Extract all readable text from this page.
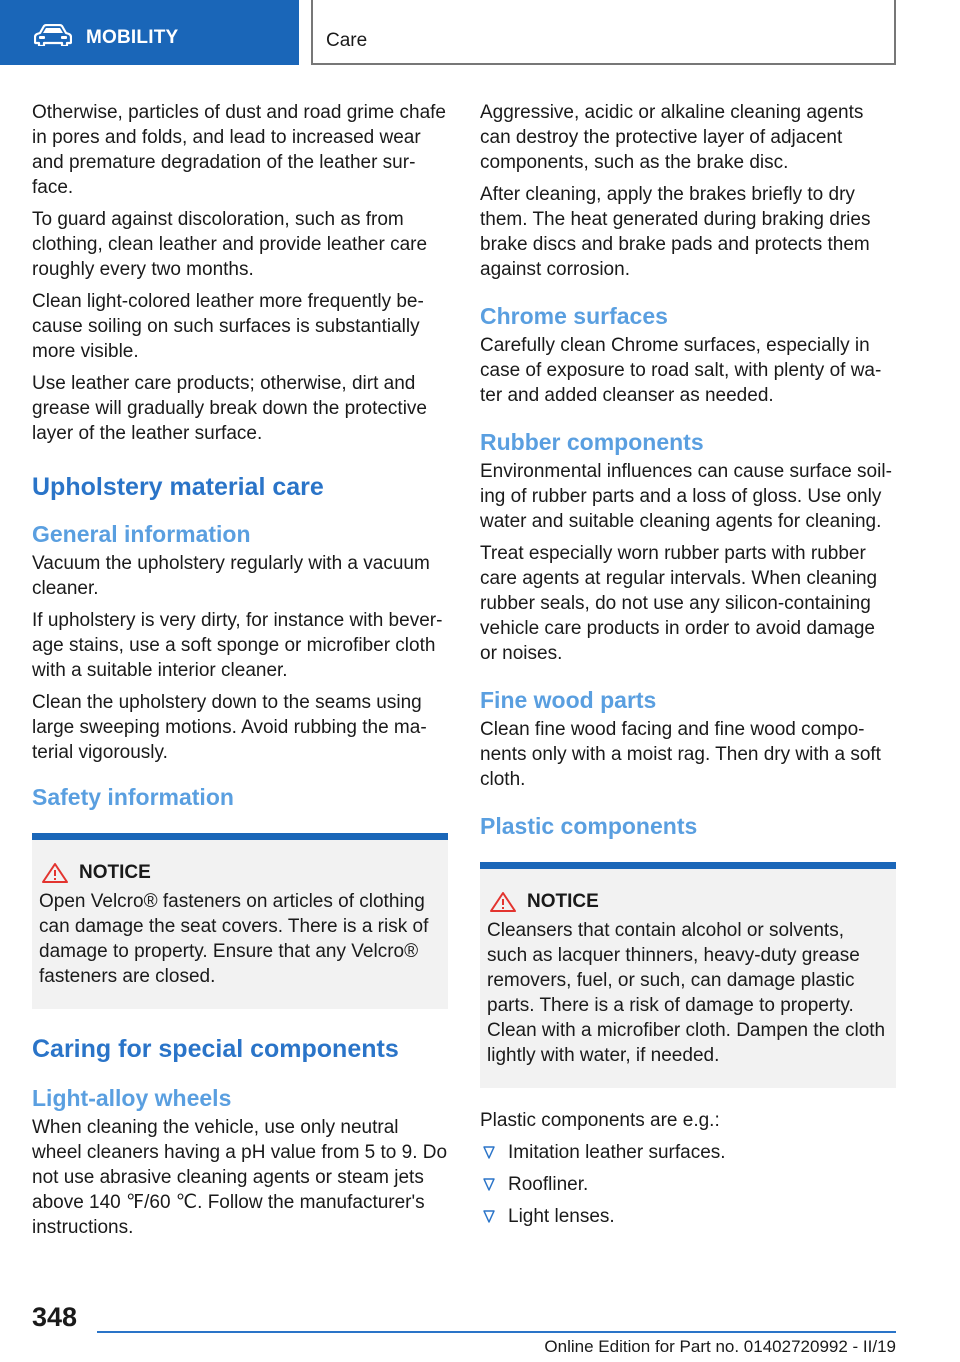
MOBILITY	Care

Otherwise, particles of dust and road grime chafe in pores and folds, and lead to increased wear and premature degradation of the leather surface.

To guard against discoloration, such as from clothing, clean leather and provide leather care roughly every two months.

Clean light-colored leather more frequently because soiling on such surfaces is substantially more visible.

Use leather care products; otherwise, dirt and grease will gradually break down the protective layer of the leather surface.

Upholstery material care
General information

Vacuum the upholstery regularly with a vacuum cleaner.

If upholstery is very dirty, for instance with beverage stains, use a soft sponge or microfiber cloth with a suitable interior cleaner.

Clean the upholstery down to the seams using large sweeping motions. Avoid rubbing the material vigorously.

Safety information
NOTICE

Open Velcro® fasteners on articles of clothing can damage the seat covers. There is a risk of damage to property. Ensure that any Velcro® fasteners are closed.

Caring for special components
Light-alloy wheels

When cleaning the vehicle, use only neutral wheel cleaners having a pH value from 5 to 9. Do not use abrasive cleaning agents or steam jets above 140 ℉/60 ℃. Follow the manufacturer's instructions.

Aggressive, acidic or alkaline cleaning agents can destroy the protective layer of adjacent components, such as the brake disc.

After cleaning, apply the brakes briefly to dry them. The heat generated during braking dries brake discs and brake pads and protects them against corrosion.

Chrome surfaces

Carefully clean Chrome surfaces, especially in case of exposure to road salt, with plenty of water and added cleanser as needed.

Rubber components

Environmental influences can cause surface soiling of rubber parts and a loss of gloss. Use only water and suitable cleaning agents for cleaning.

Treat especially worn rubber parts with rubber care agents at regular intervals. When cleaning rubber seals, do not use any silicon-containing vehicle care products in order to avoid damage or noises.

Fine wood parts

Clean fine wood facing and fine wood components only with a moist rag. Then dry with a soft cloth.

Plastic components
NOTICE

Cleansers that contain alcohol or solvents, such as lacquer thinners, heavy-duty grease removers, fuel, or such, can damage plastic parts. There is a risk of damage to property. Clean with a microfiber cloth. Dampen the cloth lightly with water, if needed.

Plastic components are e.g.:

Imitation leather surfaces.
Roofliner.
Light lenses.
348
Online Edition for Part no. 01402720992 - II/19
